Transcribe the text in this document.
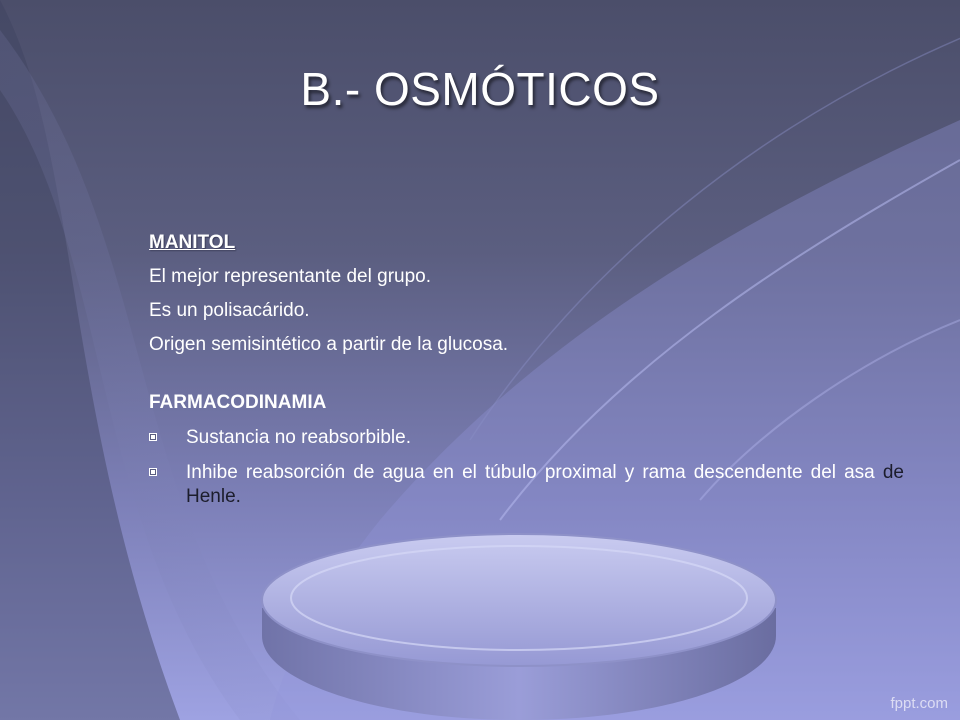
B.- OSMÓTICOS
MANITOL
El mejor representante del grupo.
Es un polisacárido.
Origen semisintético a partir de la glucosa.
FARMACODINAMIA
Sustancia no reabsorbible.
Inhibe reabsorción de agua en el túbulo proximal y rama descendente del asa de Henle.
fppt.com
